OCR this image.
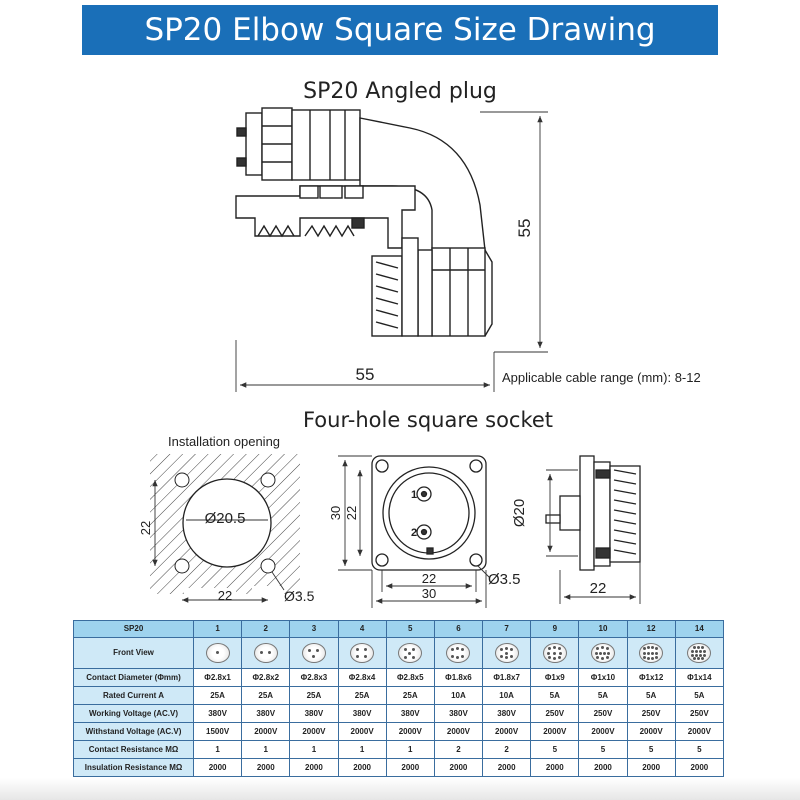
SP20 Elbow Square Size Drawing
SP20 Angled plug
Four-hole square socket
55
55	Applicable cable range (mm): 8-12
Installation opening
Ø20.5
22
22	Ø3.5
1
2
30 22
22
30
Ø3.5
Ø20
22
SP20	1	2	3	4	5	6	7	9	10	12	14
Front View	

Contact Diameter (Φmm)	Φ2.8x1	Φ2.8x2	Φ2.8x3	Φ2.8x4	Φ2.8x5	Φ1.8x6	Φ1.8x7	Φ1x9	Φ1x10	Φ1x12	Φ1x14
Rated Current A	25A	25A	25A	25A	25A	10A	10A	5A	5A	5A	5A
Working Voltage (AC.V)	380V	380V	380V	380V	380V	380V	380V	250V	250V	250V	250V
Withstand Voltage (AC.V)	1500V	2000V	2000V	2000V	2000V	2000V	2000V	2000V	2000V	2000V	2000V
Contact Resistance MΩ	1	1	1	1	1	2	2	5	5	5	5
Insulation Resistance MΩ	2000	2000	2000	2000	2000	2000	2000	2000	2000	2000	2000
